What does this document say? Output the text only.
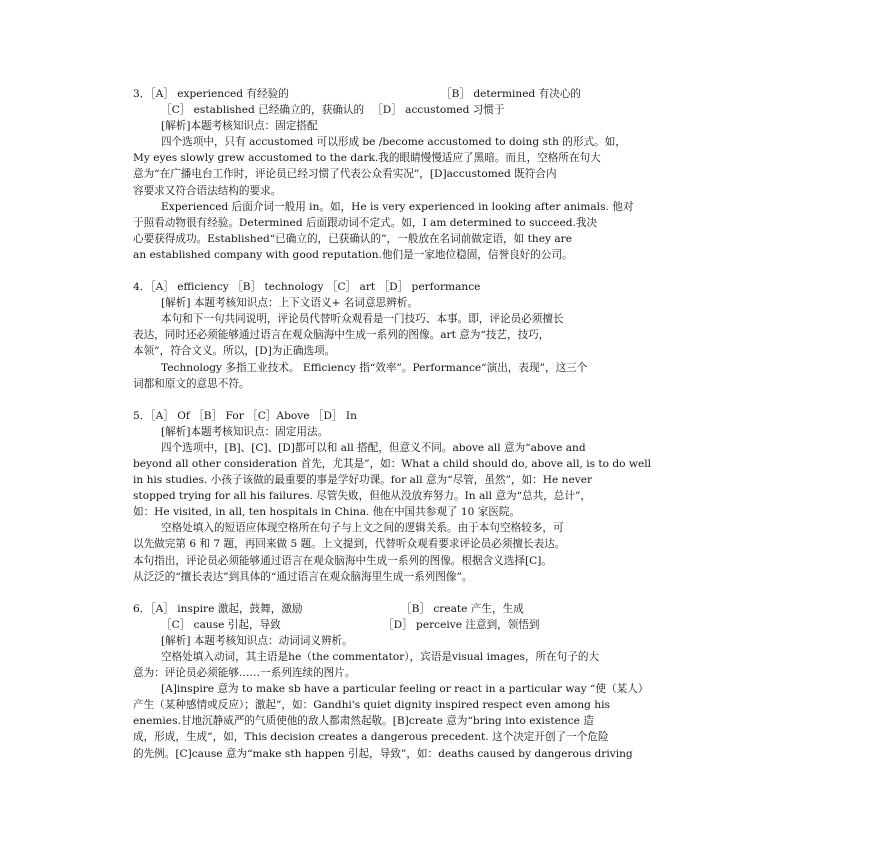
3．［A］ experienced 有经验的	［B］ determined 有决心的
［C］ established 已经确立的，获确认的 ［D］ accustomed 习惯于
[解析]本题考核知识点：固定搭配
四个选项中，只有 accustomed 可以形成 be /become accustomed to doing sth 的形式。如，
My eyes slowly grew accustomed to the dark.我的眼睛慢慢适应了黑暗。而且，空格所在句大
意为“在广播电台工作时，评论员已经习惯了代表公众看实况”，[D]accustomed 既符合内
容要求又符合语法结构的要求。
Experienced 后面介词一般用 in。如，He is very experienced in looking after animals. 他对
于照看动物很有经验。Determined 后面跟动词不定式。如，I am determined to succeed.我决
心要获得成功。Established“已确立的，已获确认的”，一般放在名词前做定语，如 they are
an established company with good reputation.他们是一家地位稳固，信誉良好的公司。
4．［A］ efficiency ［B］ technology ［C］ art ［D］ performance
[解析] 本题考核知识点：上下文语义+ 名词意思辨析。
本句和下一句共同说明，评论员代替听众观看是一门技巧、本事。即，评论员必须擅长
表达，同时还必须能够通过语言在观众脑海中生成一系列的图像。art 意为“技艺，技巧，
本领”，符合文义。所以，[D]为正确选项。
Technology 多指工业技术。 Efficiency 指“效率”。Performance“演出，表现”，这三个
词都和原文的意思不符。
5．［A］ Of ［B］ For ［C］Above ［D］ In
[解析]本题考核知识点：固定用法。
四个选项中，[B]、[C]、[D]都可以和 all 搭配，但意义不同。above all 意为“above and
beyond all other consideration 首先，尤其是”，如：What a child should do, above all, is to do well
in his studies. 小孩子该做的最重要的事是学好功课。for all 意为“尽管，虽然”，如：He never
stopped trying for all his failures. 尽管失败，但他从没放弃努力。In all 意为“总共，总计”，
如：He visited, in all, ten hospitals in China. 他在中国共参观了 10 家医院。
空格处填入的短语应体现空格所在句子与上文之间的逻辑关系。由于本句空格较多，可
以先做完第 6 和 7 题，再回来做 5 题。上文提到，代替听众观看要求评论员必须擅长表达。
本句指出，评论员必须能够通过语言在观众脑海中生成一系列的图像。根据含义选择[C]。
从泛泛的“擅长表达”到具体的“通过语言在观众脑海里生成一系列图像”。
6．［A］ inspire 激起，鼓舞，激励	［B］ create 产生，生成
［C］ cause 引起，导致	［D］ perceive 注意到，领悟到
[解析] 本题考核知识点：动词词义辨析。
空格处填入动词，其主语是he（the commentator），宾语是visual images，所在句子的大
意为：评论员必须能够……一系列连续的图片。
[A]inspire 意为 to make sb have a particular feeling or react in a particular way “使（某人）
产生（某种感情或反应）；激起”，如：Gandhi's quiet dignity inspired respect even among his
enemies.甘地沉静威严的气质使他的敌人都肃然起敬。[B]create 意为“bring into existence 造
成，形成，生成”，如，This decision creates a dangerous precedent. 这个决定开创了一个危险
的先例。[C]cause 意为“make sth happen 引起，导致”，如：deaths caused by dangerous driving
